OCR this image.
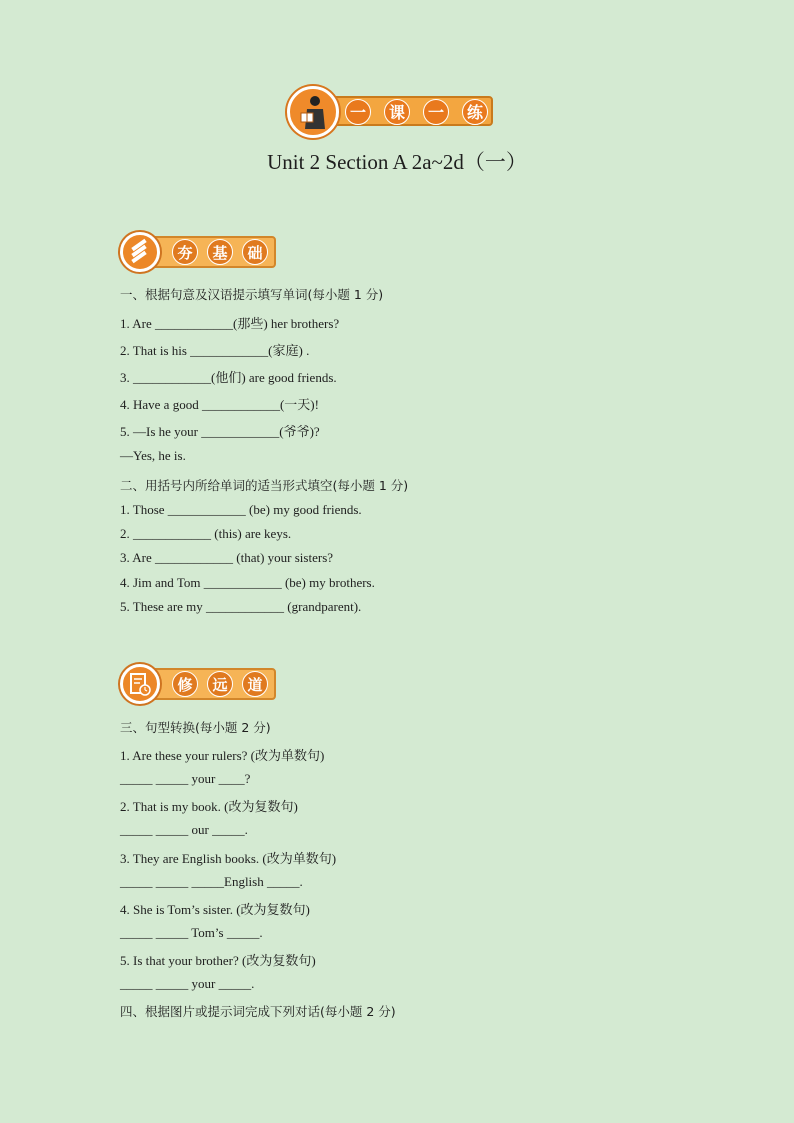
一	课	一	练
Unit 2 Section A 2a~2d（一）
夯	基	础
一、根据句意及汉语提示填写单词(每小题 1 分)
1. Are ____________(那些) her brothers?
2. That is his ____________(家庭) .
3. ____________(他们) are good friends.
4. Have a good ____________(一天)!
5. —Is he your ____________(爷爷)?
—Yes, he is.
二、用括号内所给单词的适当形式填空(每小题 1 分)
1. Those ____________ (be) my good friends.
2. ____________ (this) are keys.
3. Are ____________ (that) your sisters?
4. Jim and Tom ____________ (be) my brothers.
5. These are my ____________ (grandparent).
修	远	道
三、句型转换(每小题 2 分)
1. Are these your rulers? (改为单数句)
_____ _____ your ____?
2. That is my book. (改为复数句)
_____ _____ our _____.
3. They are English books. (改为单数句)
_____ _____ _____English _____.
4. She is Tom’s sister. (改为复数句)
_____ _____ Tom’s _____.
5. Is that your brother? (改为复数句)
_____ _____ your _____.
四、根据图片或提示词完成下列对话(每小题 2 分)
